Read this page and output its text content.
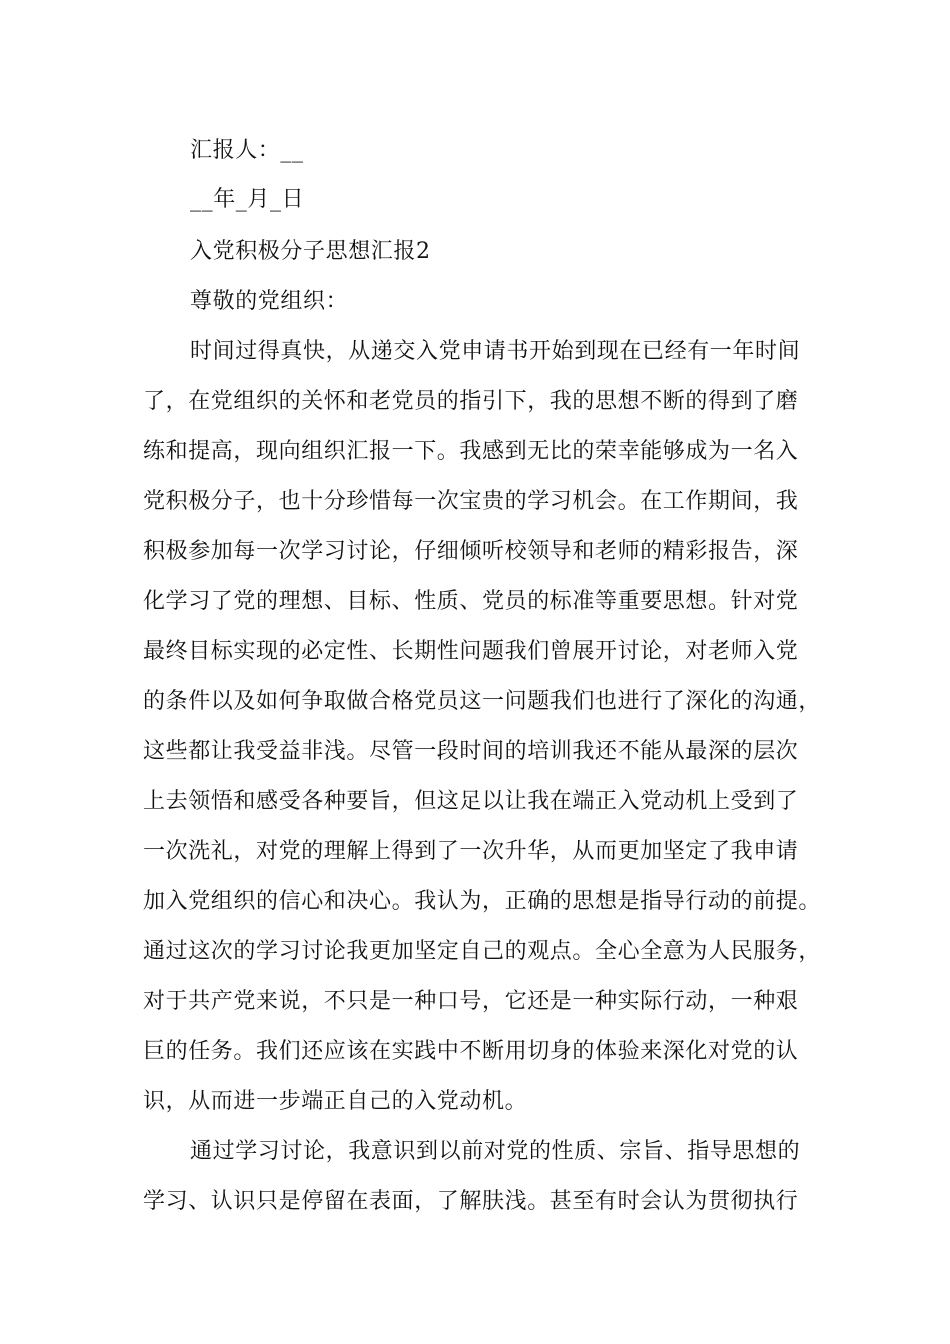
汇报人：__
__年_月_日
入党积极分子思想汇报2
尊敬的党组织：
时间过得真快，从递交入党申请书开始到现在已经有一年时间
了，在党组织的关怀和老党员的指引下，我的思想不断的得到了磨
练和提高，现向组织汇报一下。我感到无比的荣幸能够成为一名入
党积极分子，也十分珍惜每一次宝贵的学习机会。在工作期间，我
积极参加每一次学习讨论，仔细倾听校领导和老师的精彩报告，深
化学习了党的理想、目标、性质、党员的标准等重要思想。针对党
最终目标实现的必定性、长期性问题我们曾展开讨论，对老师入党
的条件以及如何争取做合格党员这一问题我们也进行了深化的沟通，
这些都让我受益非浅。尽管一段时间的培训我还不能从最深的层次
上去领悟和感受各种要旨，但这足以让我在端正入党动机上受到了
一次洗礼，对党的理解上得到了一次升华，从而更加坚定了我申请
加入党组织的信心和决心。我认为，正确的思想是指导行动的前提。
通过这次的学习讨论我更加坚定自己的观点。全心全意为人民服务，
对于共产党来说，不只是一种口号，它还是一种实际行动，一种艰
巨的任务。我们还应该在实践中不断用切身的体验来深化对党的认
识，从而进一步端正自己的入党动机。
通过学习讨论，我意识到以前对党的性质、宗旨、指导思想的
学习、认识只是停留在表面，了解肤浅。甚至有时会认为贯彻执行
